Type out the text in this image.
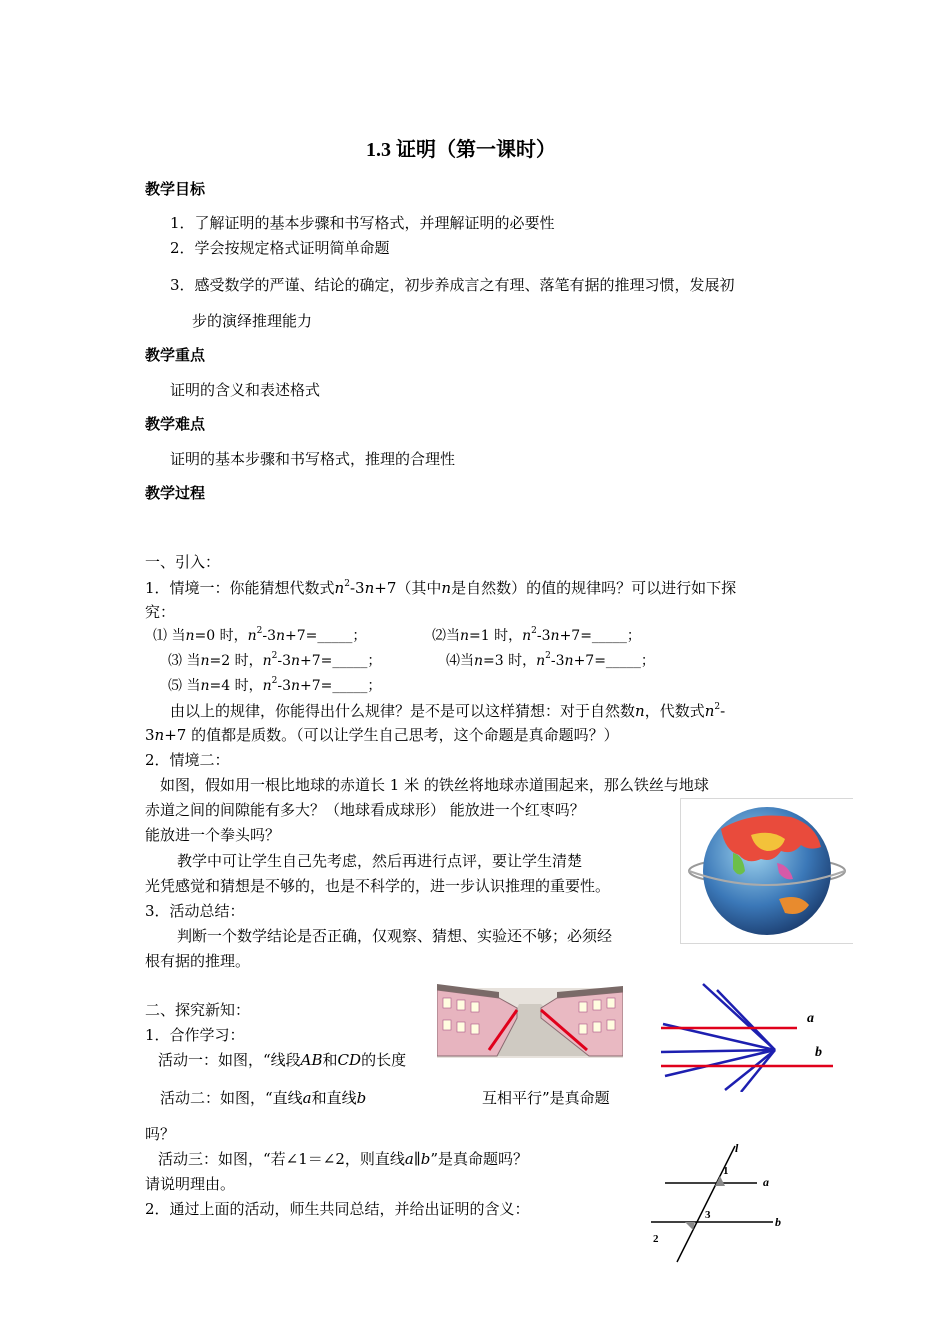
1.3 证明（第一课时）
教学目标
1．了解证明的基本步骤和书写格式，并理解证明的必要性
2．学会按规定格式证明简单命题
3．感受数学的严谨、结论的确定，初步养成言之有理、落笔有据的推理习惯，发展初
步的演绎推理能力
教学重点
证明的含义和表述格式
教学难点
证明的基本步骤和书写格式，推理的合理性
教学过程
一、引入：
1．情境一：你能猜想代数式$n^2-3n+7$（其中n是自然数）的值的规律吗？可以进行如下探
究：
⑴ 当n=0 时，$n^2-3n+7=\_\_\_\_\_$；	⑵当n=1 时，$n^2-3n+7=\_\_\_\_\_$；
⑶ 当n=2 时，$n^2-3n+7=\_\_\_\_\_$；	⑷当n=3 时，$n^2-3n+7=\_\_\_\_\_$；
⑸ 当n=4 时，$n^2-3n+7=\_\_\_\_\_$；
由以上的规律，你能得出什么规律？是不是可以这样猜想：对于自然数n，代数式$n^2-$
3n+7 的值都是质数。（可以让学生自己思考，这个命题是真命题吗？）
2．情境二：
如图，假如用一根比地球的赤道长 1 米 的铁丝将地球赤道围起来，那么铁丝与地球
赤道之间的间隙能有多大？（地球看成球形） 能放进一个红枣吗？
能放进一个拳头吗？
教学中可让学生自己先考虑，然后再进行点评，要让学生清楚
光凭感觉和猜想是不够的，也是不科学的，进一步认识推理的重要性。
3．活动总结：
判断一个数学结论是否正确，仅观察、猜想、实验还不够；必须经
根有据的推理。
二、探究新知：
1．合作学习：
活动一：如图，“线段AB和CD的长度
活动二：如图，“直线a和直线b	互相平行”是真命题
吗？
a
b
活动三：如图，“若∠1＝∠2，则直线a∥b”是真命题吗？
请说明理由。
2．通过上面的活动，师生共同总结，并给出证明的含义：
l
1
a
3	b
2
